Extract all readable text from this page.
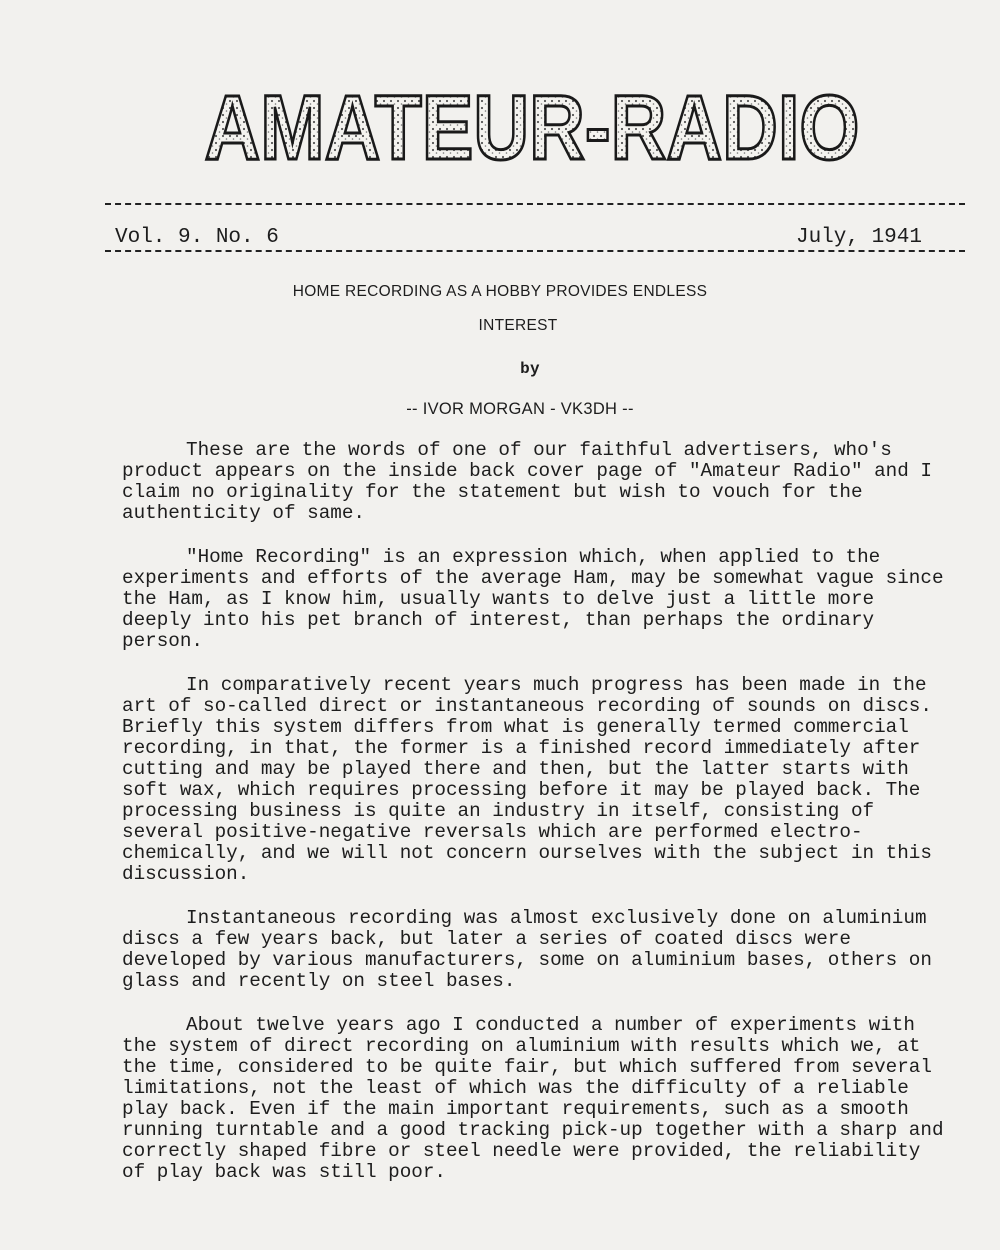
AMATEUR-RADIO
Vol. 9. No. 6	July, 1941
HOME RECORDING AS A HOBBY PROVIDES ENDLESS
INTEREST
by
-- IVOR MORGAN - VK3DH --

These are the words of one of our faithful advertisers, who's product appears on the inside back cover page of "Amateur Radio" and I claim no originality for the statement but wish to vouch for the authenticity of same.

"Home Recording" is an expression which, when applied to the experiments and efforts of the average Ham, may be somewhat vague since the Ham, as I know him, usually wants to delve just a little more deeply into his pet branch of interest, than perhaps the ordinary person.

In comparatively recent years much progress has been made in the art of so-called direct or instantaneous recording of sounds on discs. Briefly this system differs from what is generally termed commercial recording, in that, the former is a finished record immediately after cutting and may be played there and then, but the latter starts with soft wax, which requires processing before it may be played back. The processing business is quite an industry in itself, consisting of several positive-negative reversals which are performed electro-chemically, and we will not concern ourselves with the subject in this discussion.

Instantaneous recording was almost exclusively done on aluminium discs a few years back, but later a series of coated discs were developed by various manufacturers, some on aluminium bases, others on glass and recently on steel bases.

About twelve years ago I conducted a number of experiments with the system of direct recording on aluminium with results which we, at the time, considered to be quite fair, but which suffered from several limitations, not the least of which was the difficulty of a reliable play back. Even if the main important requirements, such as a smooth running turntable and a good tracking pick-up together with a sharp and correctly shaped fibre or steel needle were provided, the reliability of play back was still poor.
